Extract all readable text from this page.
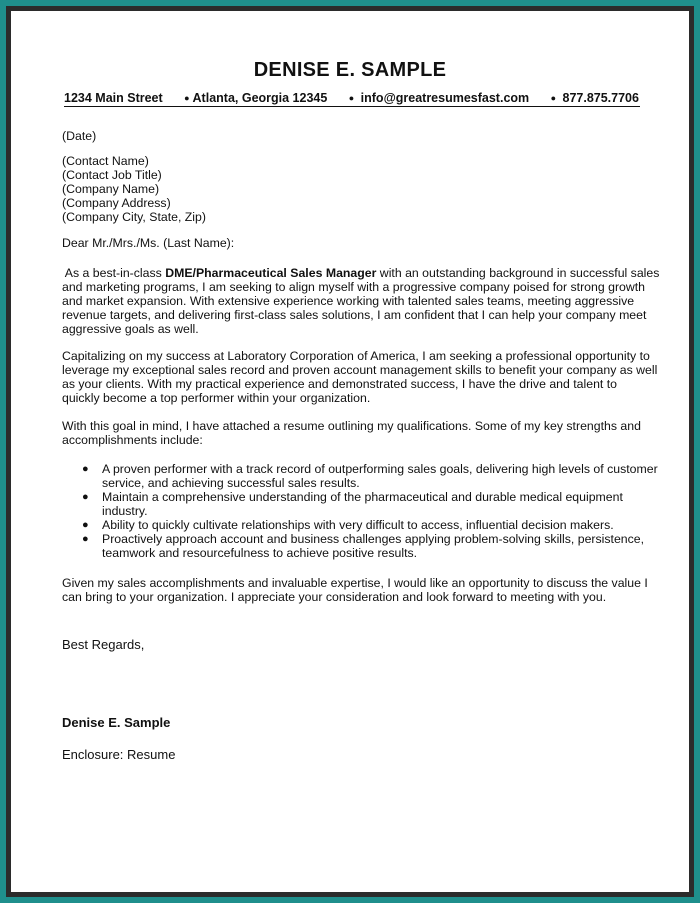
DENISE E. SAMPLE
1234 Main Street ● Atlanta, Georgia 12345 ● info@greatresumesfast.com ● 877.875.7706
(Date)
(Contact Name)
(Contact Job Title)
(Company Name)
(Company Address)
(Company City, State, Zip)
Dear Mr./Mrs./Ms. (Last Name):
As a best-in-class DME/Pharmaceutical Sales Manager with an outstanding background in successful sales
and marketing programs, I am seeking to align myself with a progressive company poised for strong growth
and market expansion. With extensive experience working with talented sales teams, meeting aggressive
revenue targets, and delivering first-class sales solutions, I am confident that I can help your company meet
aggressive goals as well.
Capitalizing on my success at Laboratory Corporation of America, I am seeking a professional opportunity to
leverage my exceptional sales record and proven account management skills to benefit your company as well
as your clients. With my practical experience and demonstrated success, I have the drive and talent to
quickly become a top performer within your organization.
With this goal in mind, I have attached a resume outlining my qualifications. Some of my key strengths and
accomplishments include:
● A proven performer with a track record of outperforming sales goals, delivering high levels of customer
service, and achieving successful sales results.
● Maintain a comprehensive understanding of the pharmaceutical and durable medical equipment
industry.
● Ability to quickly cultivate relationships with very difficult to access, influential decision makers.
● Proactively approach account and business challenges applying problem-solving skills, persistence,
teamwork and resourcefulness to achieve positive results.
Given my sales accomplishments and invaluable expertise, I would like an opportunity to discuss the value I
can bring to your organization. I appreciate your consideration and look forward to meeting with you.
Best Regards,
Denise E. Sample
Enclosure: Resume
